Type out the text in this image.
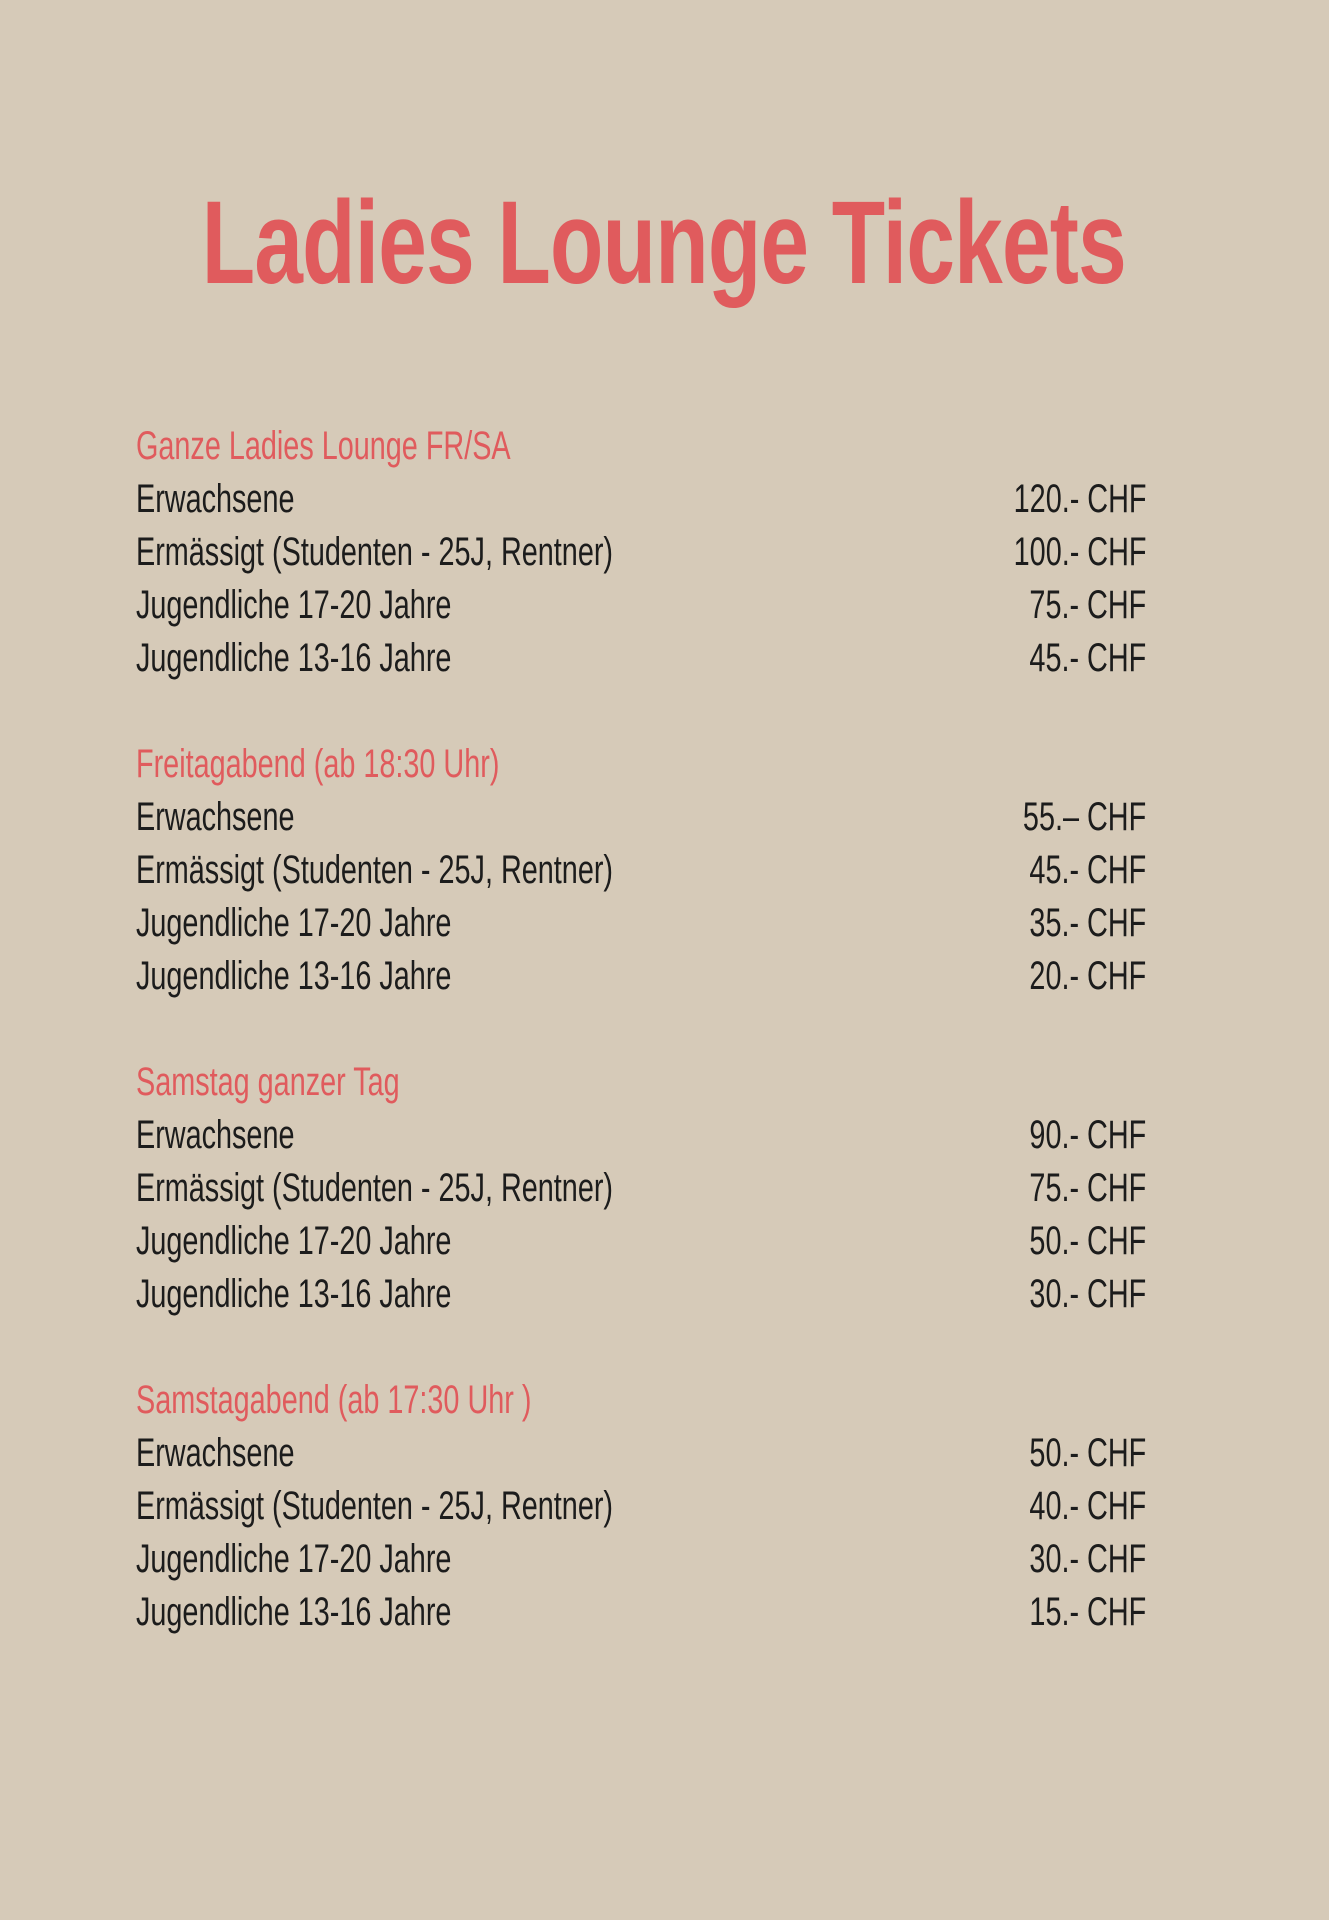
Ladies Lounge Tickets
Ganze Ladies Lounge FR/SA
Erwachsene	120.- CHF
Ermässigt (Studenten - 25J, Rentner)	100.- CHF
Jugendliche 17-20 Jahre	75.- CHF
Jugendliche 13-16 Jahre	45.- CHF
Freitagabend (ab 18:30 Uhr)
Erwachsene	55.– CHF
Ermässigt (Studenten - 25J, Rentner)	45.- CHF
Jugendliche 17-20 Jahre	35.- CHF
Jugendliche 13-16 Jahre	20.- CHF
Samstag ganzer Tag
Erwachsene	90.- CHF
Ermässigt (Studenten - 25J, Rentner)	75.- CHF
Jugendliche 17-20 Jahre	50.- CHF
Jugendliche 13-16 Jahre	30.- CHF
Samstagabend (ab 17:30 Uhr )
Erwachsene	50.- CHF
Ermässigt (Studenten - 25J, Rentner)	40.- CHF
Jugendliche 17-20 Jahre	30.- CHF
Jugendliche 13-16 Jahre	15.- CHF
